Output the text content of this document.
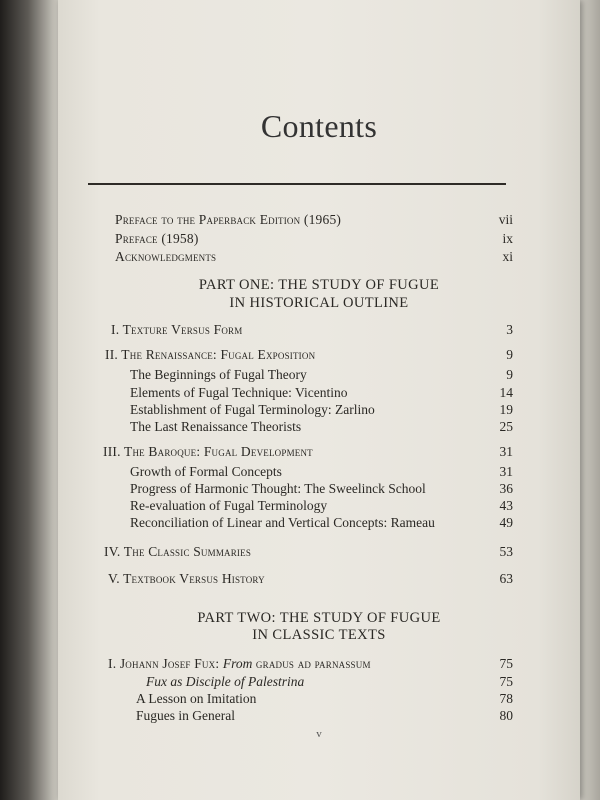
Contents
Preface to the Paperback Edition (1965)	vii
Preface (1958)	ix
Acknowledgments	xi
PART ONE: THE STUDY OF FUGUE
IN HISTORICAL OUTLINE
I. Texture Versus Form	3
II. The Renaissance: Fugal Exposition	9
The Beginnings of Fugal Theory	9
Elements of Fugal Technique: Vicentino	14
Establishment of Fugal Terminology: Zarlino	19
The Last Renaissance Theorists	25
III. The Baroque: Fugal Development	31
Growth of Formal Concepts	31
Progress of Harmonic Thought: The Sweelinck School	36
Re-evaluation of Fugal Terminology	43
Reconciliation of Linear and Vertical Concepts: Rameau	49
IV. The Classic Summaries	53
V. Textbook Versus History	63
PART TWO: THE STUDY OF FUGUE
IN CLASSIC TEXTS
I. Johann Josef Fux: From gradus ad parnassum	75
Fux as Disciple of Palestrina	75
A Lesson on Imitation	78
Fugues in General	80
v
